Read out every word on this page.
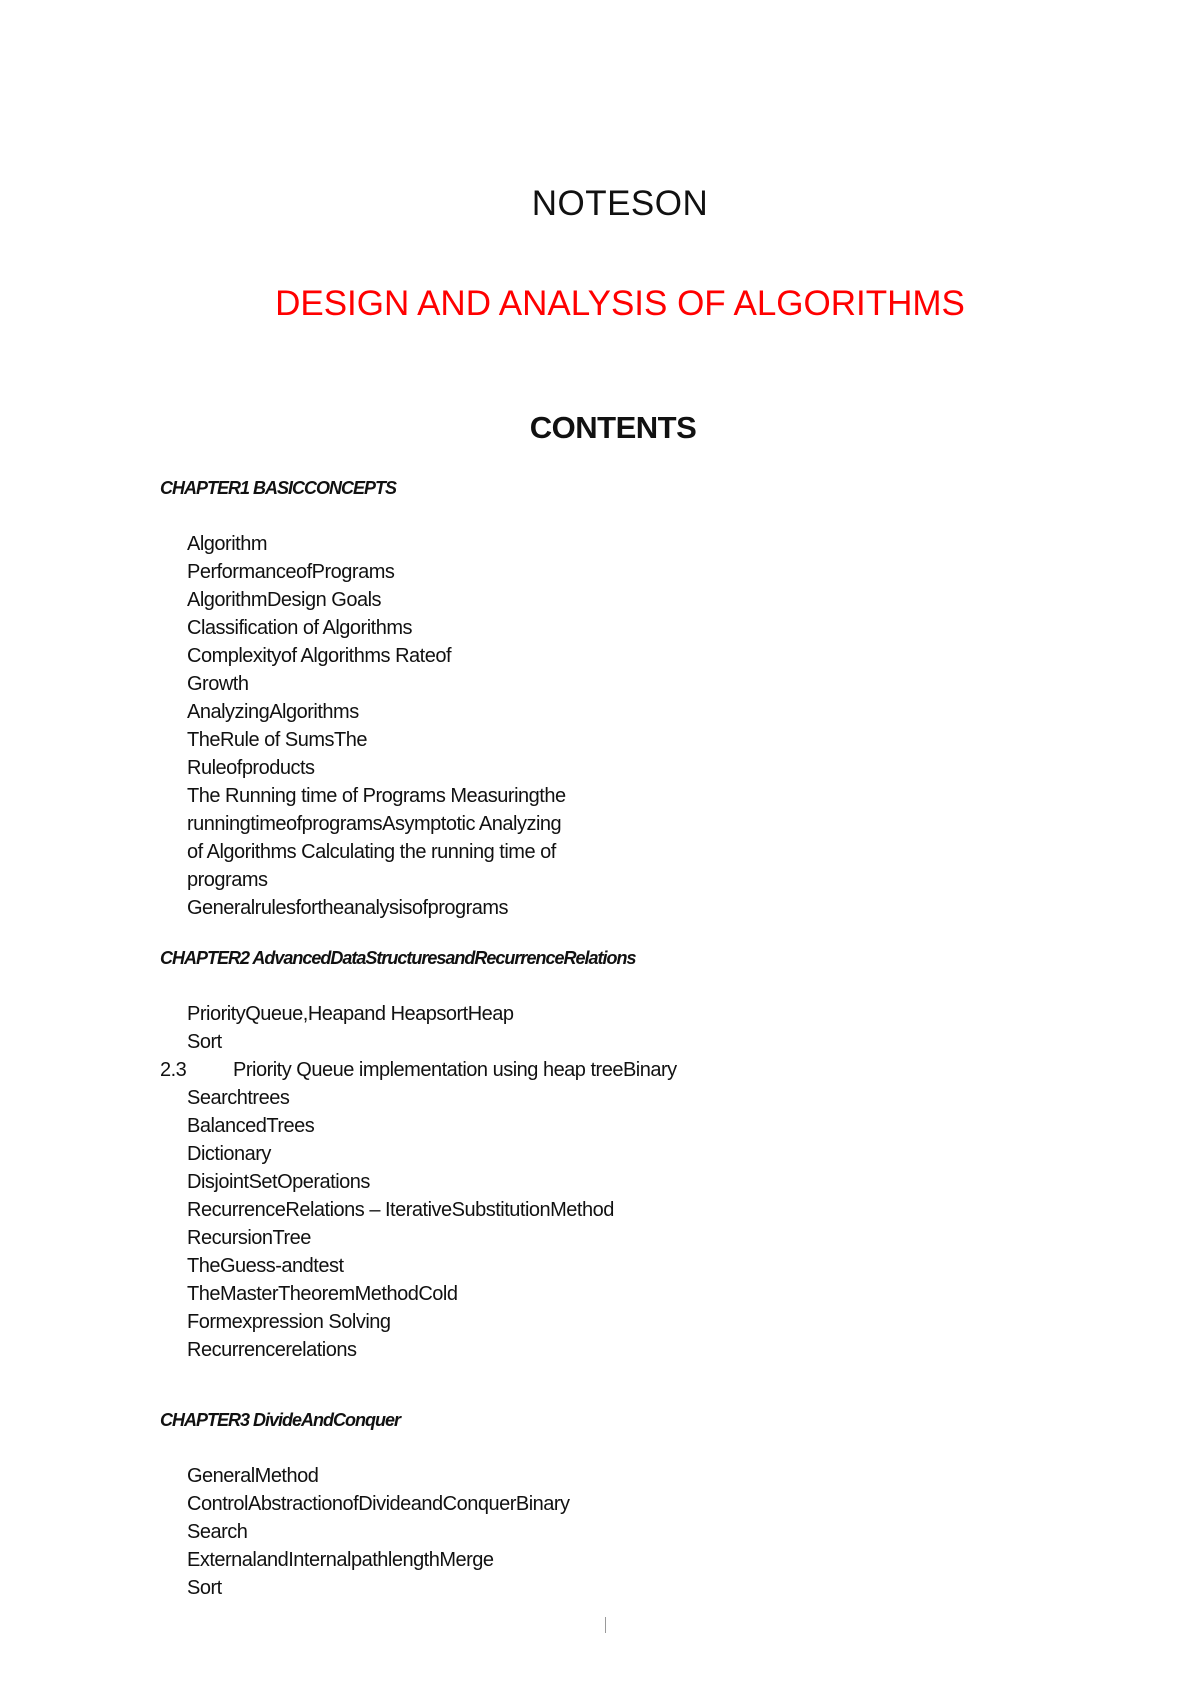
NOTESON
DESIGN AND ANALYSIS OF ALGORITHMS
CONTENTS
CHAPTER1 BASICCONCEPTS
Algorithm
PerformanceofPrograms
AlgorithmDesign Goals
Classification of Algorithms
Complexityof Algorithms Rateof
Growth
AnalyzingAlgorithms
TheRule of SumsThe
Ruleofproducts
The Running time of Programs Measuringthe
runningtimeofprogramsAsymptotic Analyzing
of Algorithms Calculating the running time of
programs
Generalrulesfortheanalysisofprograms
CHAPTER2 AdvancedDataStructuresandRecurrenceRelations
PriorityQueue,Heapand HeapsortHeap
Sort
2.3 Priority Queue implementation using heap treeBinary
Searchtrees
BalancedTrees
Dictionary
DisjointSetOperations
RecurrenceRelations – IterativeSubstitutionMethod
RecursionTree
TheGuess-andtest
TheMasterTheoremMethodCold
Formexpression Solving
Recurrencerelations
CHAPTER3 DivideAndConquer
GeneralMethod
ControlAbstractionofDivideandConquerBinary
Search
ExternalandInternalpathlengthMerge
Sort
